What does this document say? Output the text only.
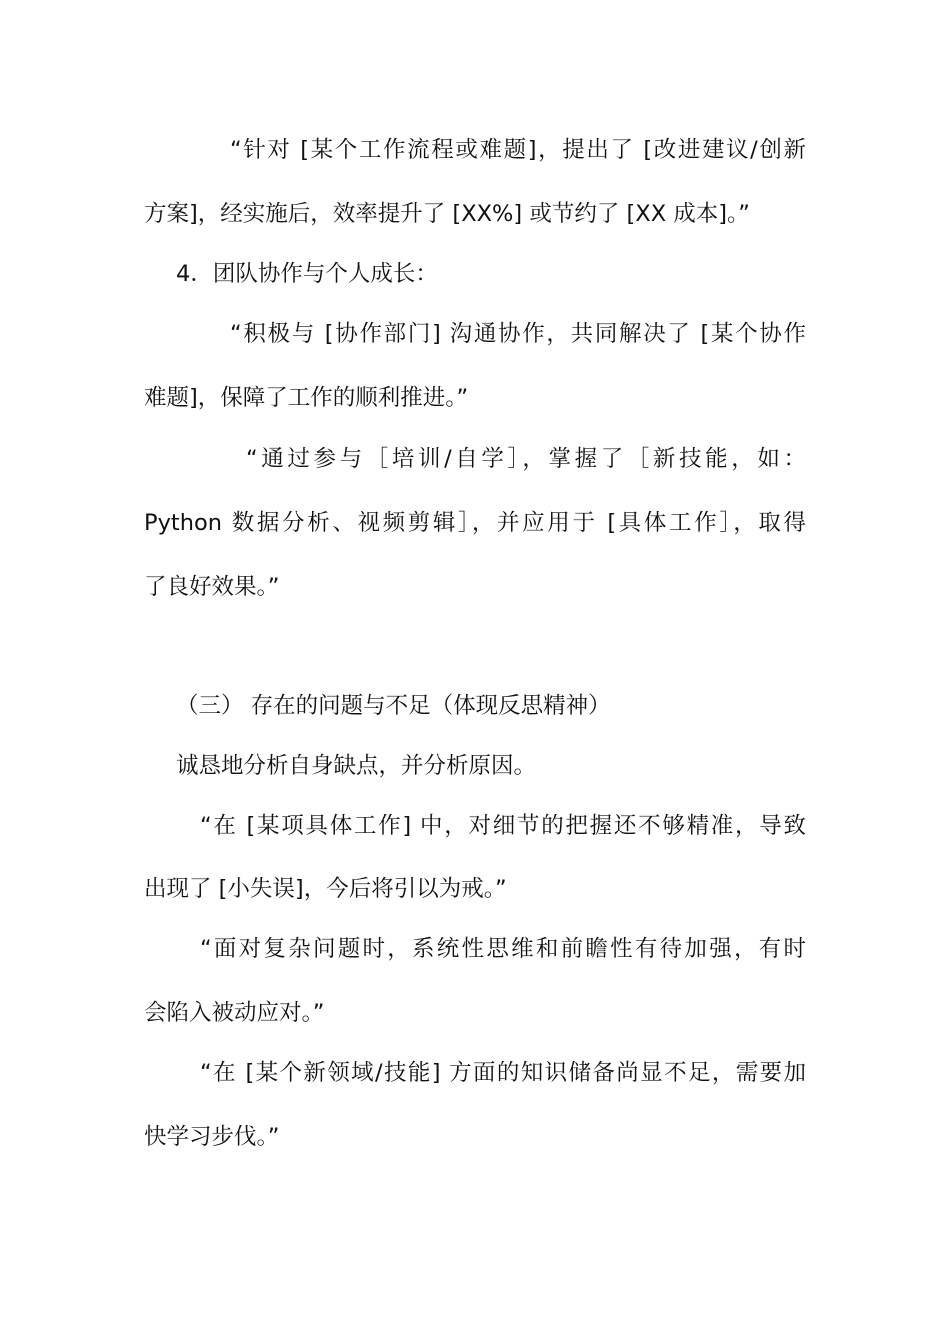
“针对 [某个工作流程或难题]，提出了 [改进建议/创新
方案]，经实施后，效率提升了 [XX%] 或节约了 [XX 成本]。”
4．团队协作与个人成长：
“积极与 [协作部门] 沟通协作，共同解决了 [某个协作
难题]，保障了工作的顺利推进。”
“通过参与［培训/自学］，掌握了［新技能，如：
Python 数据分析、视频剪辑］，并应用于 [具体工作］，取得
了良好效果。”
（三） 存在的问题与不足（体现反思精神）
诚恳地分析自身缺点，并分析原因。
“在 [某项具体工作] 中，对细节的把握还不够精准，导致
出现了 [小失误]，今后将引以为戒。”
“面对复杂问题时，系统性思维和前瞻性有待加强，有时
会陷入被动应对。”
“在 [某个新领域/技能] 方面的知识储备尚显不足，需要加
快学习步伐。”
